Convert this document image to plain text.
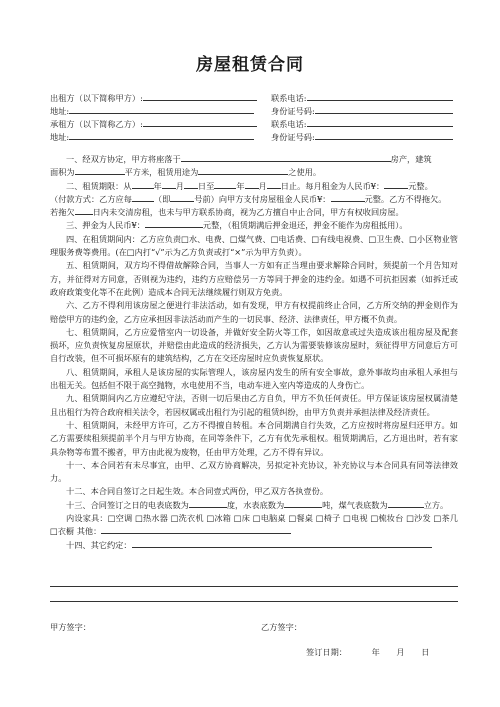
房屋租赁合同
出租方（以下简称甲方）:	联系电话:
地址:	身份证号码:
承租方（以下简称乙方）:	联系电话:
地址:	身份证号码:

一、经双方协定，甲方将座落于	房产，建筑

面积为	平方米，租赁用途为	之使用。

二、租赁期限：从	年 月 日至	年 月 日止。每月租金为人民币¥：	元整。

（付款方式：乙方应每	（即	号前）向甲方支付房屋租金人民币¥：	元整。乙方不得拖欠。

若拖欠 日内未交清房租，也未与甲方联系协商，视为乙方擅自中止合同，甲方有权收回房屋。

三、押金为人民币¥：	元整，（租赁期满后押金退还，押金不能作为房租抵用）。

四、在租赁期间内：乙方应负责□水、电费、□煤气费、□电话费、□有线电视费、□卫生费、□小区物业管理服务费等费用。(在□内打“√”示为乙方负责或打“×”示为甲方负责）。

五、租赁期间，双方均不得借故解除合同，当事人一方如有正当理由要求解除合同时，须提前一个月告知对方，并征得对方同意，否则视为违约，违约方应赔偿另一方等同于押金的违约金。如遇不可抗拒因素（如拆迁或政府政策变化等不在此例）造成本合同无法继续履行则双方免责。

六、乙方不得利用该房屋之便进行非法活动，如有发现，甲方有权提前终止合同，乙方所交纳的押金则作为赔偿甲方的违约金，乙方应承担因非法活动而产生的一切民事、经济、法律责任，甲方概不负责。

七、租赁期间，乙方应爱惜室内一切设备，并做好安全防火等工作，如因故意或过失造成该出租房屋及配套损坏，应负责恢复房屋原状，并赔偿由此造成的经济损失，乙方认为需要装修该房屋时，须征得甲方同意后方可自行改装，但不可损坏原有的建筑结构，乙方在交还房屋时应负责恢复原状。

八、租赁期间，承租人是该房屋的实际管理人，该房屋内发生的所有安全事故，意外事故均由承租人承担与出租无关。包括但不限于高空抛物，水电使用不当，电动车进入室内等造成的人身伤亡。

九、租赁期间内乙方应遵纪守法，否则一切后果由乙方自负，甲方不负任何责任。甲方保证该房屋权属清楚且出租行为符合政府相关法令，若因权属或出租行为引起的租赁纠纷，由甲方负责并承担法律及经济责任。

十、租赁期间，未经甲方许可，乙方不得擅自转租。本合同期满自行失效，乙方应按时将房屋归还甲方。如乙方需要续租须提前半个月与甲方协商，在同等条件下，乙方有优先承租权。租赁期满后，乙方退出时，若有家具杂物等布置不搬者，甲方由此视为废物，任由甲方处理，乙方不得有异议。

十一、本合同若有未尽事宜，由甲、乙双方协商解决，另拟定补充协议，补充协议与本合同具有同等法律效力。

十二、本合同自签订之日起生效。本合同壹式两份，甲乙双方各执壹份。

十三、合同签订之日的电表底数为	度，水表底数为	吨，煤气表底数为	立方。

内设家具：□空调 □热水器 □洗衣机 □冰箱 □床 □电脑桌 □餐桌 □椅子 □电视 □梳妆台 □沙发 □茶几 □衣橱 其他：

十四、其它约定：

甲方签字：	乙方签字：
签订日期：	年 月 日
